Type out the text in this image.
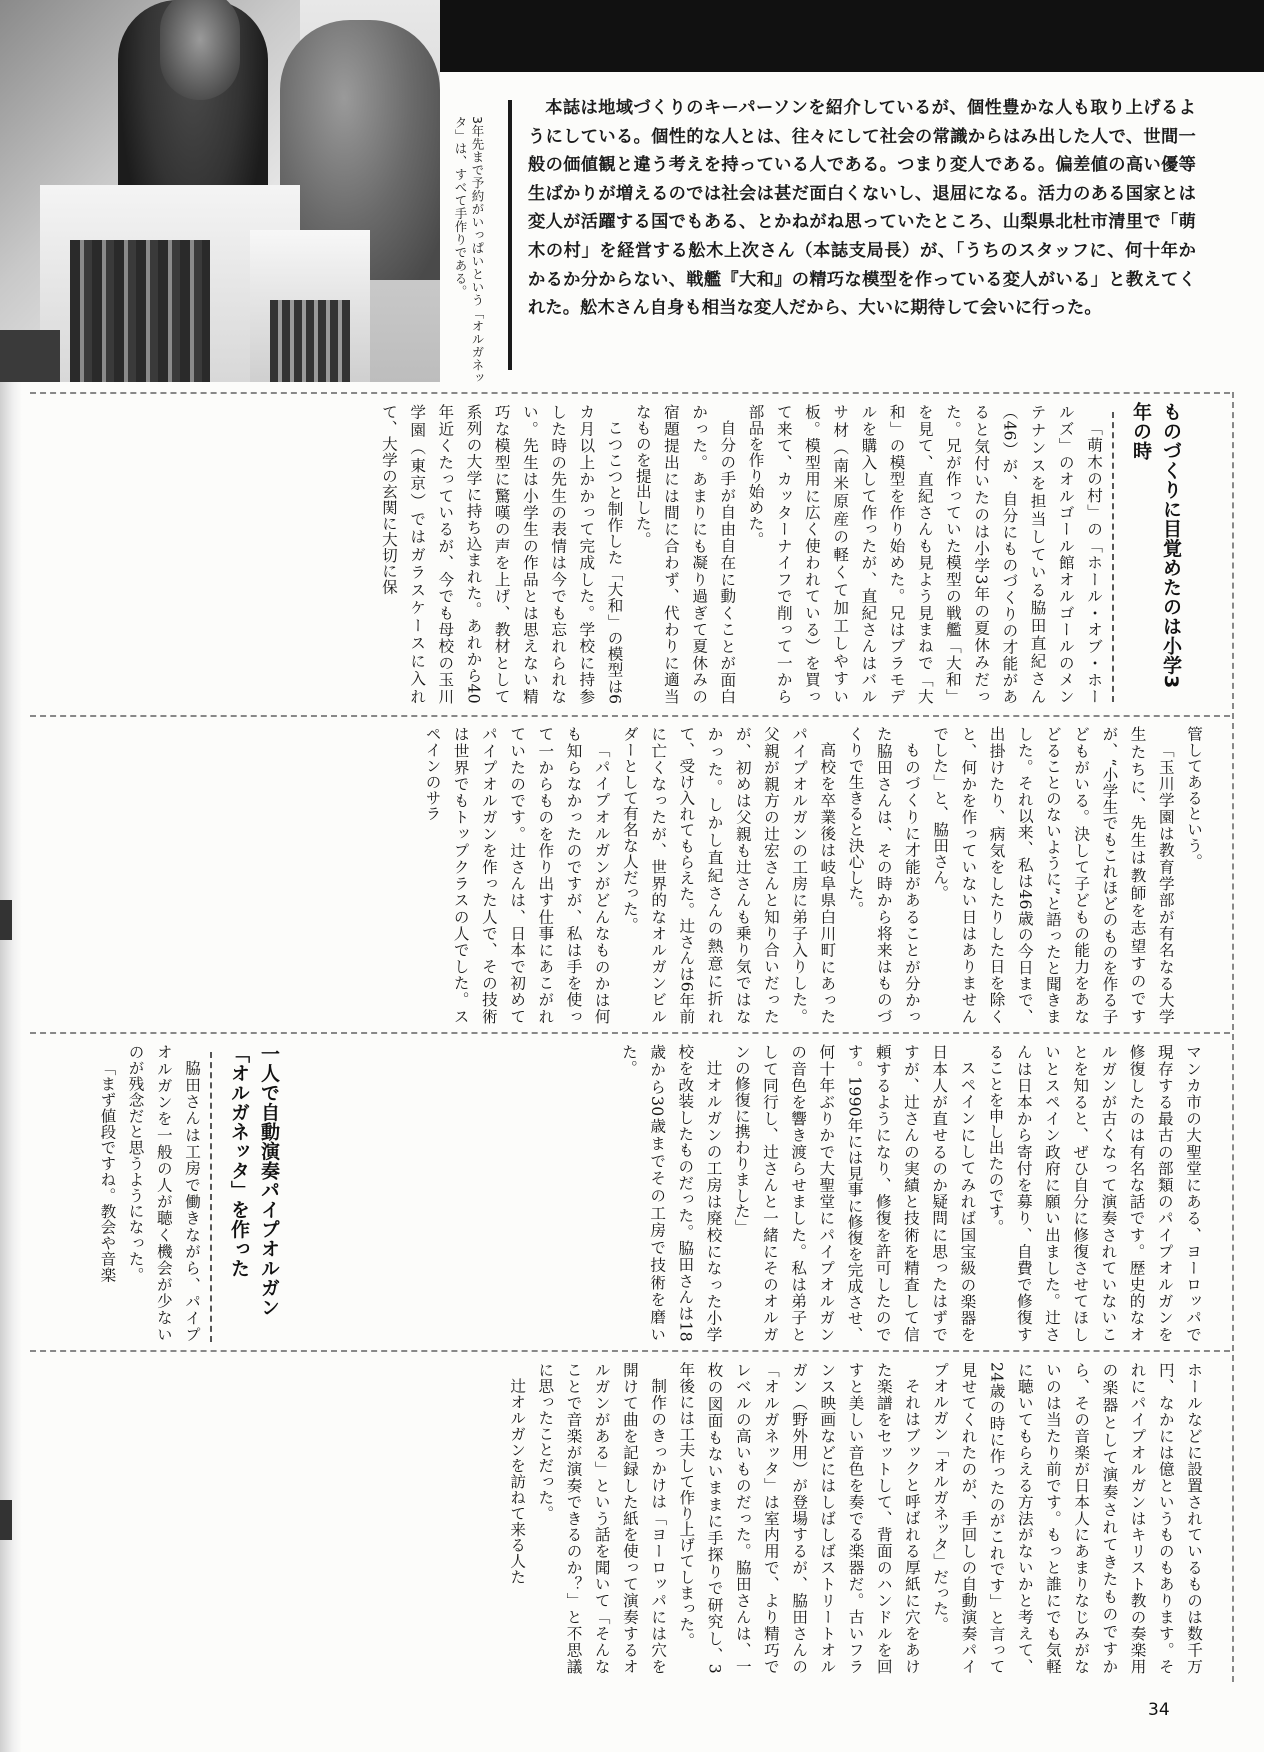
3年先まで予約がいっぱいという「オルガネッタ」は、すべて手作りである。
本誌は地域づくりのキーパーソンを紹介しているが、個性豊かな人も取り上げるようにしている。個性的な人とは、往々にして社会の常識からはみ出した人で、世間一般の価値観と違う考えを持っている人である。つまり変人である。偏差値の高い優等生ばかりが増えるのでは社会は甚だ面白くないし、退屈になる。活力のある国家とは変人が活躍する国でもある、とかねがね思っていたところ、山梨県北杜市清里で「萌木の村」を経営する舩木上次さん（本誌支局長）が、「うちのスタッフに、何十年かかるか分からない、戦艦『大和』の精巧な模型を作っている変人がいる」と教えてくれた。舩木さん自身も相当な変人だから、大いに期待して会いに行った。
ものづくりに目覚めたのは小学3年の時

「萌木の村」の「ホール・オブ・ホールズ」のオルゴール館オルゴールのメンテナンスを担当している脇田直紀さん（46）が、自分にものづくりの才能があると気付いたのは小学3年の夏休みだった。兄が作っていた模型の戦艦「大和」を見て、直紀さんも見よう見まねで「大和」の模型を作り始めた。兄はプラモデルを購入して作ったが、直紀さんはバルサ材（南米原産の軽くて加工しやすい板。模型用に広く使われている）を買って来て、カッターナイフで削って一から部品を作り始めた。

自分の手が自由自在に動くことが面白かった。あまりにも凝り過ぎて夏休みの宿題提出には間に合わず、代わりに適当なものを提出した。

こつこつと制作した「大和」の模型は6カ月以上かかって完成した。学校に持参した時の先生の表情は今でも忘れられない。先生は小学生の作品とは思えない精巧な模型に驚嘆の声を上げ、教材として系列の大学に持ち込まれた。あれから40年近くたっているが、今でも母校の玉川学園（東京）ではガラスケースに入れて、大学の玄関に大切に保

管してあるという。

「玉川学園は教育学部が有名なる大学生たちに、先生は教師を志望すのですが、“小学生でもこれほどのものを作る子どもがいる。決して子どもの能力をあなどることのないように”と語ったと聞きました。それ以来、私は46歳の今日まで、出掛けたり、病気をしたりした日を除くと、何かを作っていない日はありませんでした」と、脇田さん。

ものづくりに才能があることが分かった脇田さんは、その時から将来はものづくりで生きると決心した。

高校を卒業後は岐阜県白川町にあったパイプオルガンの工房に弟子入りした。父親が親方の辻宏さんと知り合いだったが、初めは父親も辻さんも乗り気ではなかった。しかし直紀さんの熱意に折れて、受け入れてもらえた。辻さんは6年前に亡くなったが、世界的なオルガンビルダーとして有名な人だった。

「パイプオルガンがどんなものかは何も知らなかったのですが、私は手を使って一からものを作り出す仕事にあこがれていたのです。辻さんは、日本で初めてパイプオルガンを作った人で、その技術は世界でもトップクラスの人でした。スペインのサラ

マンカ市の大聖堂にある、ヨーロッパで現存する最古の部類のパイプオルガンを修復したのは有名な話です。歴史的なオルガンが古くなって演奏されていないことを知ると、ぜひ自分に修復させてほしいとスペイン政府に願い出ました。辻さんは日本から寄付を募り、自費で修復することを申し出たのです。

スペインにしてみれば国宝級の楽器を日本人が直せるのか疑問に思ったはずですが、辻さんの実績と技術を精査して信頼するようになり、修復を許可したのです。1990年には見事に修復を完成させ、何十年ぶりかで大聖堂にパイプオルガンの音色を響き渡らせました。私は弟子として同行し、辻さんと一緒にそのオルガンの修復に携わりました」

辻オルガンの工房は廃校になった小学校を改装したものだった。脇田さんは18歳から30歳までその工房で技術を磨いた。

一人で自動演奏パイプオルガン「オルガネッタ」を作った

脇田さんは工房で働きながら、パイプオルガンを一般の人が聴く機会が少ないのが残念だと思うようになった。

「まず値段ですね。教会や音楽

ホールなどに設置されているものは数千万円、なかには億というものもあります。それにパイプオルガンはキリスト教の奏楽用の楽器として演奏されてきたものですから、その音楽が日本人にあまりなじみがないのは当たり前です。もっと誰にでも気軽に聴いてもらえる方法がないかと考えて、24歳の時に作ったのがこれです」と言って見せてくれたのが、手回しの自動演奏パイプオルガン「オルガネッタ」だった。

それはブックと呼ばれる厚紙に穴をあけた楽譜をセットして、背面のハンドルを回すと美しい音色を奏でる楽器だ。古いフランス映画などにはしばしばストリートオルガン（野外用）が登場するが、脇田さんの「オルガネッタ」は室内用で、より精巧でレベルの高いものだった。脇田さんは、一枚の図面もないままに手探りで研究し、3年後には工夫して作り上げてしまった。

制作のきっかけは「ヨーロッパには穴を開けて曲を記録した紙を使って演奏するオルガンがある」という話を聞いて「そんなことで音楽が演奏できるのか？」と不思議に思ったことだった。

辻オルガンを訪ねて来る人た

34
